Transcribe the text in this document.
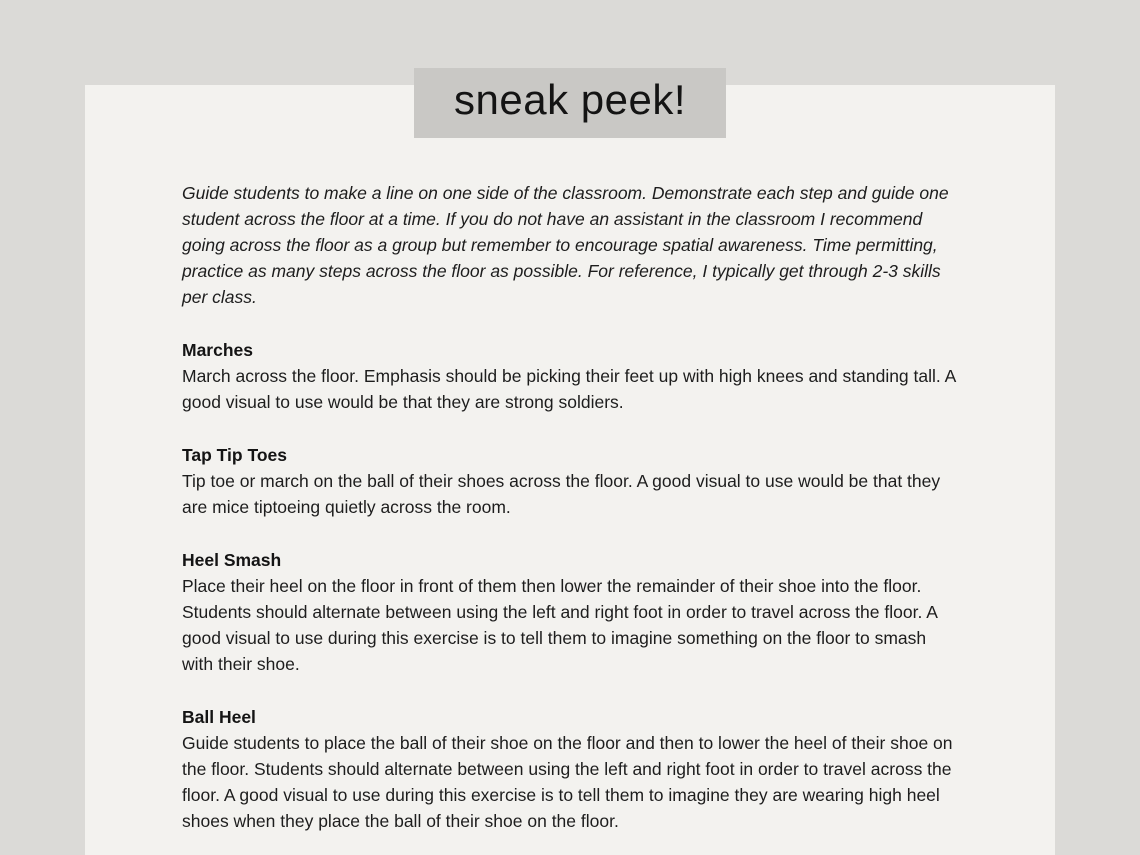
sneak peek!

Guide students to make a line on one side of the classroom. Demonstrate each step and guide one student across the floor at a time. If you do not have an assistant in the classroom I recommend going across the floor as a group but remember to encourage spatial awareness. Time permitting, practice as many steps across the floor as possible. For reference, I typically get through 2-3 skills per class.

Marches

March across the floor. Emphasis should be picking their feet up with high knees and standing tall. A good visual to use would be that they are strong soldiers.

Tap Tip Toes

Tip toe or march on the ball of their shoes across the floor. A good visual to use would be that they are mice tiptoeing quietly across the room.

Heel Smash

Place their heel on the floor in front of them then lower the remainder of their shoe into the floor. Students should alternate between using the left and right foot in order to travel across the floor. A good visual to use during this exercise is to tell them to imagine something on the floor to smash with their shoe.

Ball Heel

Guide students to place the ball of their shoe on the floor and then to lower the heel of their shoe on the floor. Students should alternate between using the left and right foot in order to travel across the floor. A good visual to use during this exercise is to tell them to imagine they are wearing high heel shoes when they place the ball of their shoe on the floor.
